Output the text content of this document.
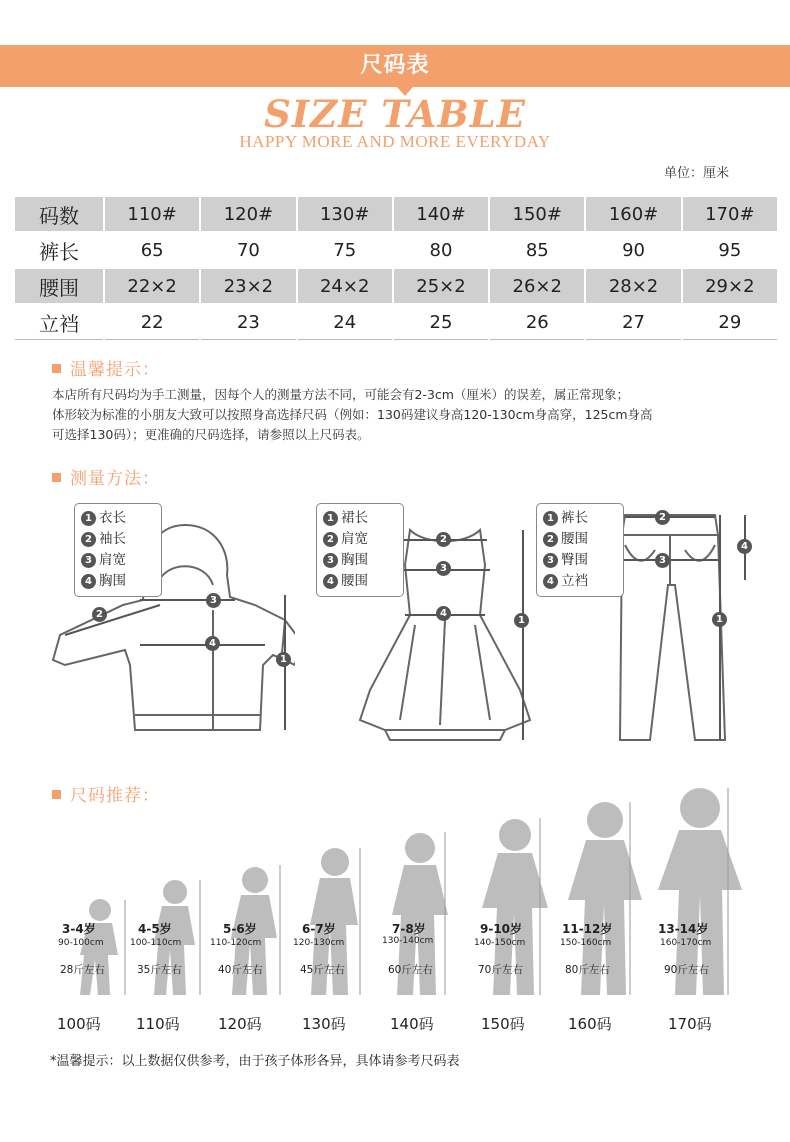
尺码表
SIZE TABLE
HAPPY MORE AND MORE EVERYDAY
单位：厘米
码数	110#	120#	130#	140#	150#	160#	170#
裤长	65	70	75	80	85	90	95
腰围	22×2	23×2	24×2	25×2	26×2	28×2	29×2
立裆	22	23	24	25	26	27	29
温馨提示：

本店所有尺码均为手工测量，因每个人的测量方法不同，可能会有2-3cm（厘米）的误差，属正常现象；

体形较为标准的小朋友大致可以按照身高选择尺码（例如：130码建议身高120-130cm身高穿，125cm身高

可选择130码）；更准确的尺码选择，请参照以上尺码表。

测量方法：
2
3
4
1
1 衣长
2 袖长
3 肩宽
4 胸围
2
3
4
1
1 裙长
2 肩宽
3 胸围
4 腰围
2
3
4
1
1 裤长
2 腰围
3 臀围
4 立裆
尺码推荐：
3-4岁
90-100cm
28斤左右
100码
4-5岁
100-110cm
35斤左右
110码
5-6岁
110-120cm
40斤左右
120码
6-7岁
120-130cm
45斤左右
130码
7-8岁
130-140cm
60斤左右
140码
9-10岁
140-150cm
70斤左右
150码
11-12岁
150-160cm
80斤左右
160码
13-14岁
160-170cm
90斤左右
170码
*温馨提示：以上数据仅供参考，由于孩子体形各异，具体请参考尺码表
